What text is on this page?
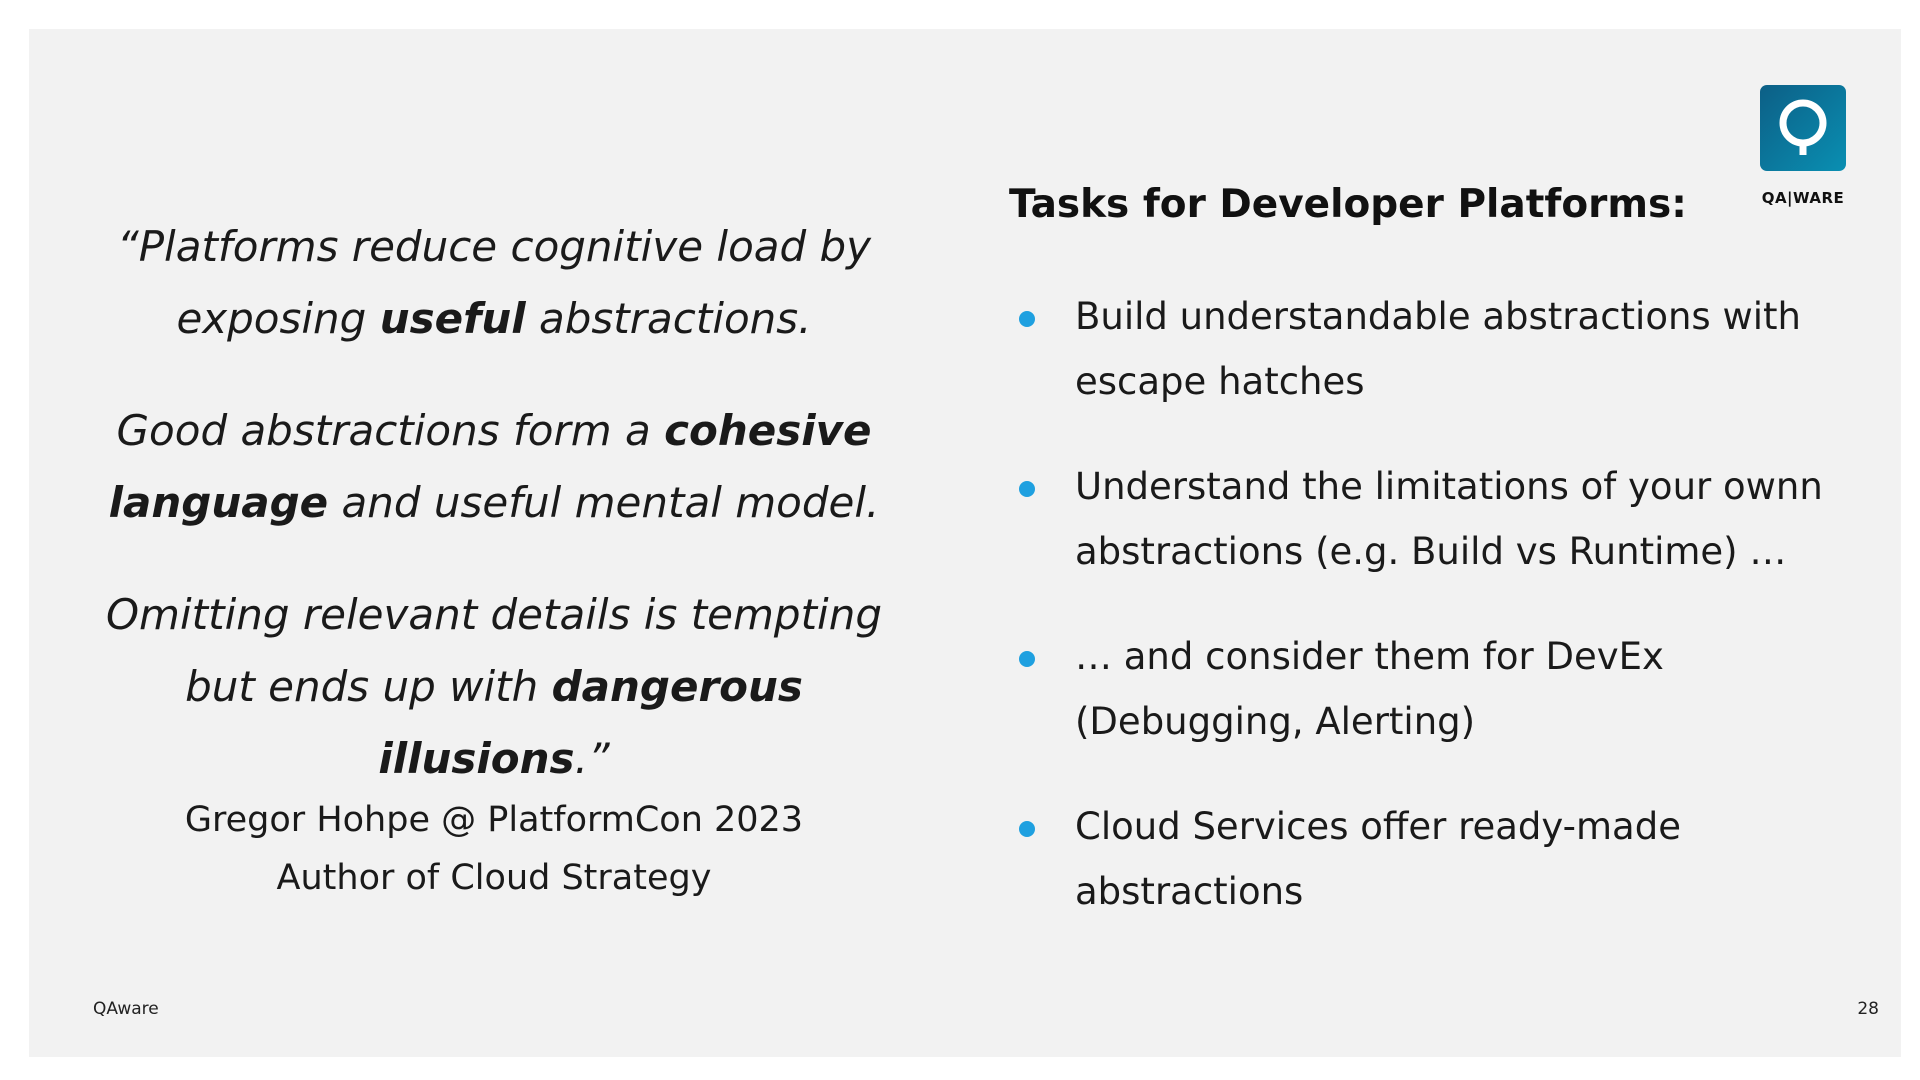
QA|WARE

“Platforms reduce cognitive load by exposing useful abstractions.

Good abstractions form a cohesive language and useful mental model.

Omitting relevant details is tempting but ends up with dangerous illusions.”

Gregor Hohpe @ PlatformCon 2023
Author of Cloud Strategy
Tasks for Developer Platforms:
Build understandable abstractions with escape hatches
Understand the limitations of your ownn abstractions (e.g. Build vs Runtime) …
… and consider them for DevEx (Debugging, Alerting)
Cloud Services offer ready-made abstractions
QAware	28
